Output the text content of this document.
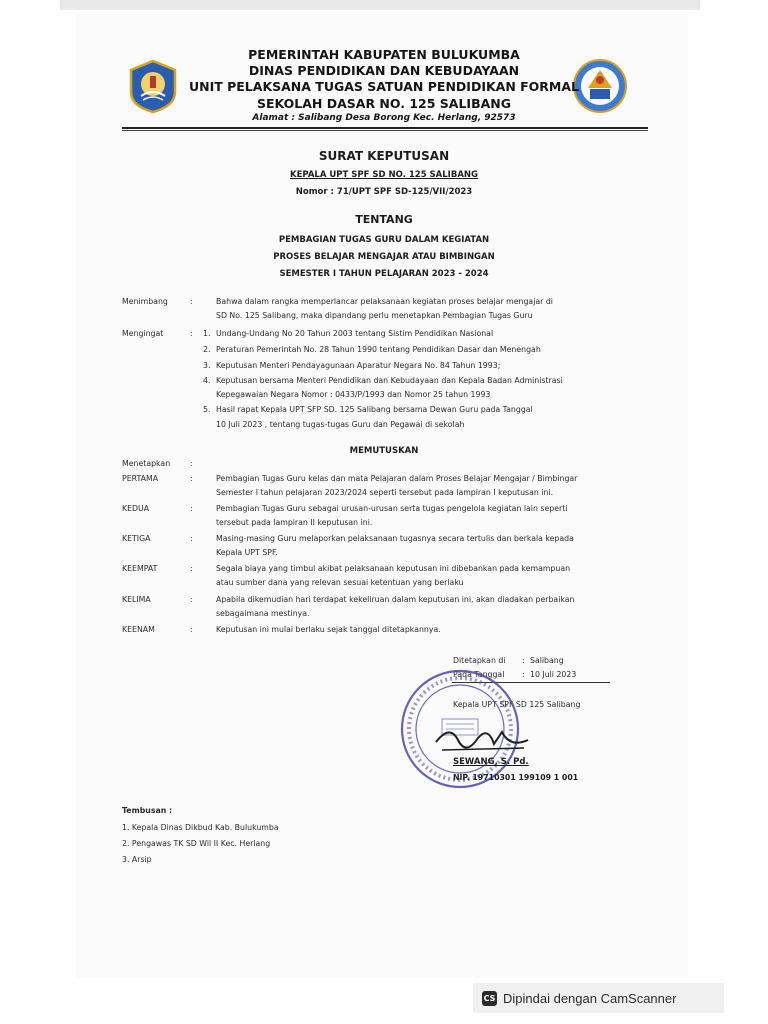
PEMERINTAH KABUPATEN BULUKUMBA
DINAS PENDIDIKAN DAN KEBUDAYAAN
UNIT PELAKSANA TUGAS SATUAN PENDIDIKAN FORMAL
SEKOLAH DASAR NO. 125 SALIBANG
Alamat : Salibang Desa Borong Kec. Herlang, 92573
SURAT KEPUTUSAN
KEPALA UPT SPF SD NO. 125 SALIBANG
Nomor : 71/UPT SPF SD-125/VII/2023
TENTANG
PEMBAGIAN TUGAS GURU DALAM KEGIATAN
PROSES BELAJAR MENGAJAR ATAU BIMBINGAN
SEMESTER I TAHUN PELAJARAN 2023 - 2024
Menimbang	:	Bahwa dalam rangka memperlancar pelaksanaan kegiatan proses belajar mengajar di
SD No. 125 Salibang, maka dipandang perlu menetapkan Pembagian Tugas Guru
Mengingat	: 1. Undang-Undang No 20 Tahun 2003 tentang Sistim Pendidikan Nasional
2. Peraturan Pemerintah No. 28 Tahun 1990 tentang Pendidikan Dasar dan Menengah
3. Keputusan Menteri Pendayagunaan Aparatur Negara No. 84 Tahun 1993;
4. Keputusan bersama Menteri Pendidikan dan Kebudayaan dan Kepala Badan Administrasi
Kepegawaian Negara Nomor : 0433/P/1993 dan Nomor 25 tahun 1993
5. Hasil rapat Kepala UPT SFP SD. 125 Salibang bersama Dewan Guru pada Tanggal
10 Juli 2023 , tentang tugas-tugas Guru dan Pegawai di sekolah
MEMUTUSKAN
Menetapkan	:
PERTAMA	:	Pembagian Tugas Guru kelas dan mata Pelajaran dalam Proses Belajar Mengajar / Bimbingar
Semester I tahun pelajaran 2023/2024 seperti tersebut pada lampiran I keputusan ini.
KEDUA	:	Pembagian Tugas Guru sebagai urusan-urusan serta tugas pengelola kegiatan lain seperti
tersebut pada lampiran II keputusan ini.
KETIGA	:	Masing-masing Guru melaporkan pelaksanaan tugasnya secara tertulis dan berkala kepada
Kepala UPT SPF.
KEEMPAT	:	Segala biaya yang timbul akibat pelaksanaan keputusan ini dibebankan pada kemampuan
atau sumber dana yang relevan sesuai ketentuan yang berlaku
KELIMA	:	Apabila dikemudian hari terdapat kekeliruan dalam keputusan ini, akan diadakan perbaikan
sebagaimana mestinya.
KEENAM	:	Keputusan ini mulai berlaku sejak tanggal ditetapkannya.
Ditetapkan di : Salibang
Pada Tanggal : 10 Juli 2023
Kepala UPT SPF SD 125 Salibang
SEWANG, S. Pd.
NIP. 19710301 199109 1 001
Tembusan :
1. Kepala Dinas Dikbud Kab. Bulukumba
2. Pengawas TK SD Wil II Kec. Herlang
3. Arsip
CS Dipindai dengan CamScanner
